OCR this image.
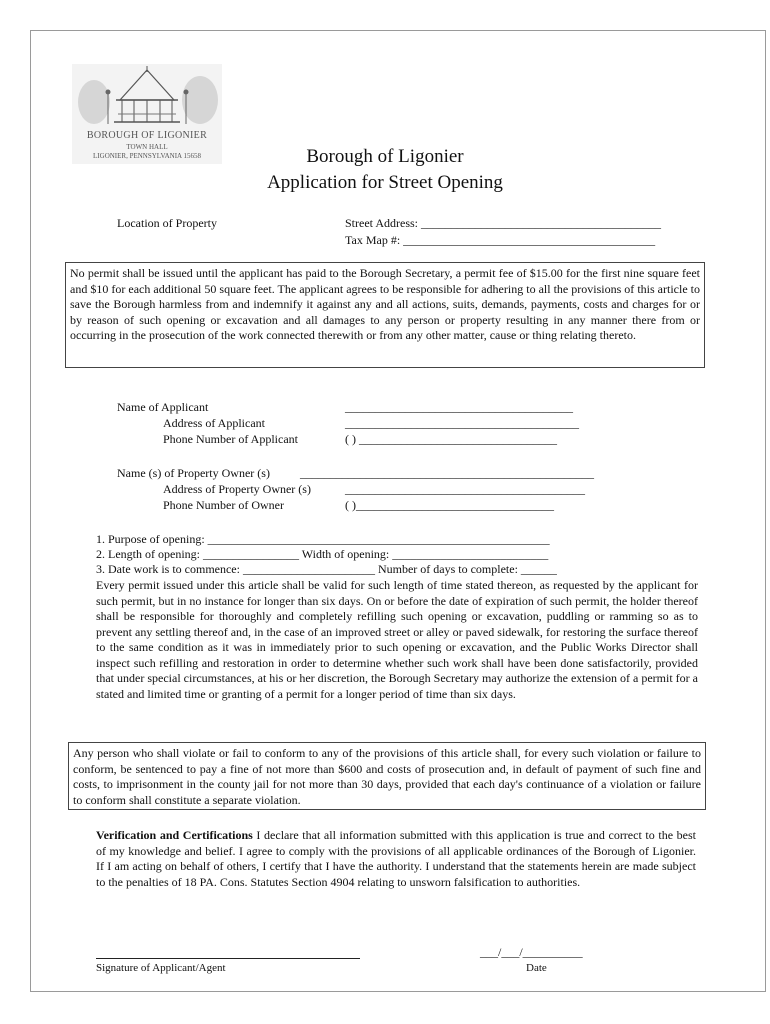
BOROUGH OF LIGONIER
TOWN HALL
LIGONIER, PENNSYLVANIA 15658	Borough of Ligonier
Application for Street Opening
Location of Property	Street Address: ________________________________________
Tax Map #: __________________________________________
No permit shall be issued until the applicant has paid to the Borough Secretary, a permit fee of $15.00 for the first nine square feet and $10 for each additional 50 square feet. The applicant agrees to be responsible for adhering to all the provisions of this article to save the Borough harmless from and indemnify it against any and all actions, suits, demands, payments, costs and charges for or by reason of such opening or excavation and all damages to any person or property resulting in any manner there from or occurring in the prosecution of the work connected therewith or from any other matter, cause or thing relating thereto.
Name of Applicant	______________________________________
Address of Applicant	_______________________________________
Phone Number of Applicant	( ) _________________________________
Name (s) of Property Owner (s)	_________________________________________________
Address of Property Owner (s)	________________________________________
Phone Number of Owner	( )_________________________________
1. Purpose of opening: _________________________________________________________
2. Length of opening: ________________ Width of opening: __________________________
3. Date work is to commence: ______________________ Number of days to complete: ______
Every permit issued under this article shall be valid for such length of time stated thereon, as requested by the applicant for such permit, but in no instance for longer than six days. On or before the date of expiration of such permit, the holder thereof shall be responsible for thoroughly and completely refilling such opening or excavation, puddling or ramming so as to prevent any settling thereof and, in the case of an improved street or alley or paved sidewalk, for restoring the surface thereof to the same condition as it was in immediately prior to such opening or excavation, and the Public Works Director shall inspect such refilling and restoration in order to determine whether such work shall have been done satisfactorily, provided that under special circumstances, at his or her discretion, the Borough Secretary may authorize the extension of a permit for a stated and limited time or granting of a permit for a longer period of time than six days.
Any person who shall violate or fail to conform to any of the provisions of this article shall, for every such violation or failure to conform, be sentenced to pay a fine of not more than $600 and costs of prosecution and, in default of payment of such fine and costs, to imprisonment in the county jail for not more than 30 days, provided that each day's continuance of a violation or failure to conform shall constitute a separate violation.
Verification and Certifications I declare that all information submitted with this application is true and correct to the best of my knowledge and belief. I agree to comply with the provisions of all applicable ordinances of the Borough of Ligonier. If I am acting on behalf of others, I certify that I have the authority. I understand that the statements herein are made subject to the penalties of 18 PA. Cons. Statutes Section 4904 relating to unsworn falsification to authorities.
___/___/__________
Signature of Applicant/Agent	Date
